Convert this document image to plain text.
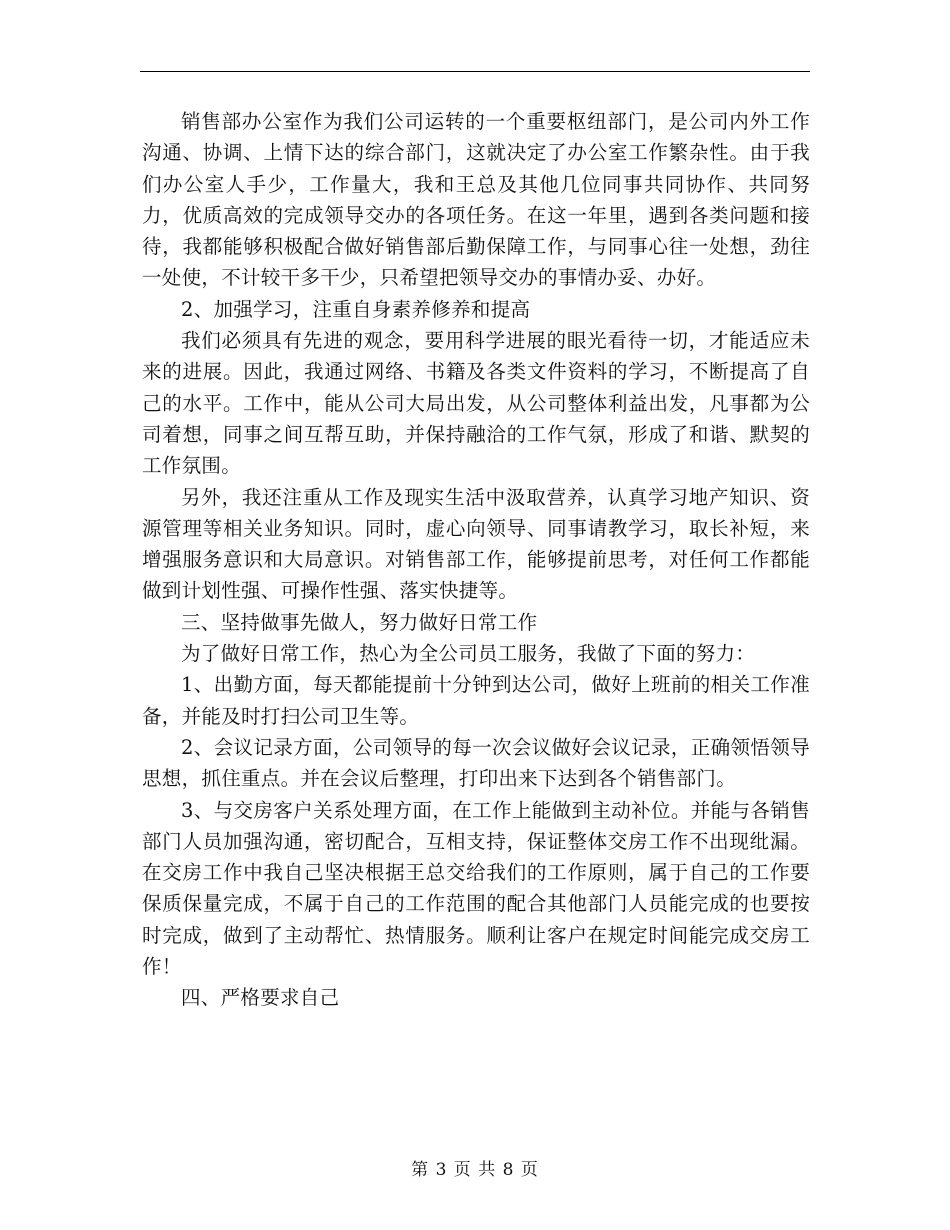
销售部办公室作为我们公司运转的一个重要枢纽部门，是公司内外工作沟通、协调、上情下达的综合部门，这就决定了办公室工作繁杂性。由于我们办公室人手少，工作量大，我和王总及其他几位同事共同协作、共同努力，优质高效的完成领导交办的各项任务。在这一年里，遇到各类问题和接待，我都能够积极配合做好销售部后勤保障工作，与同事心往一处想，劲往一处使，不计较干多干少，只希望把领导交办的事情办妥、办好。

2、加强学习，注重自身素养修养和提高

我们必须具有先进的观念，要用科学进展的眼光看待一切，才能适应未来的进展。因此，我通过网络、书籍及各类文件资料的学习，不断提高了自己的水平。工作中，能从公司大局出发，从公司整体利益出发，凡事都为公司着想，同事之间互帮互助，并保持融洽的工作气氛，形成了和谐、默契的工作氛围。

另外，我还注重从工作及现实生活中汲取营养，认真学习地产知识、资源管理等相关业务知识。同时，虚心向领导、同事请教学习，取长补短，来增强服务意识和大局意识。对销售部工作，能够提前思考，对任何工作都能做到计划性强、可操作性强、落实快捷等。

三、坚持做事先做人，努力做好日常工作

为了做好日常工作，热心为全公司员工服务，我做了下面的努力：

1、出勤方面，每天都能提前十分钟到达公司，做好上班前的相关工作准备，并能及时打扫公司卫生等。

2、会议记录方面，公司领导的每一次会议做好会议记录，正确领悟领导思想，抓住重点。并在会议后整理，打印出来下达到各个销售部门。

3、与交房客户关系处理方面，在工作上能做到主动补位。并能与各销售部门人员加强沟通，密切配合，互相支持，保证整体交房工作不出现纰漏。在交房工作中我自己坚决根据王总交给我们的工作原则，属于自己的工作要保质保量完成，不属于自己的工作范围的配合其他部门人员能完成的也要按时完成，做到了主动帮忙、热情服务。顺利让客户在规定时间能完成交房工作！

四、严格要求自己

第 3 页 共 8 页
